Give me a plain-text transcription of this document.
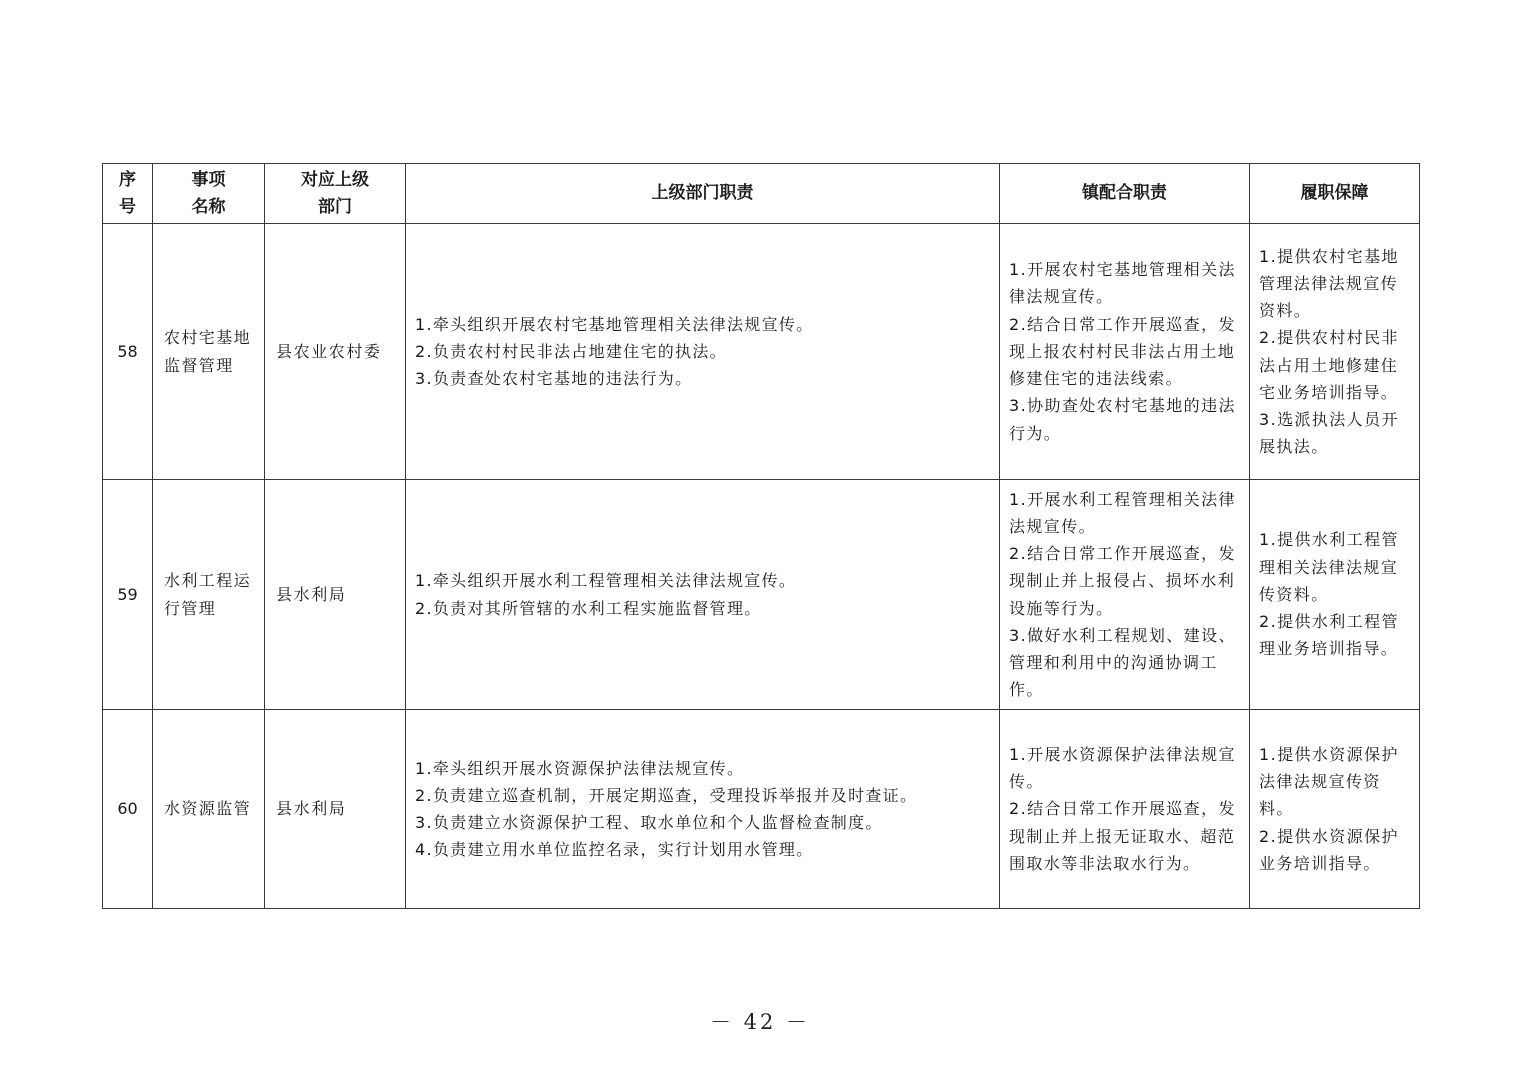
序
号	事项
名称	对应上级
部门	上级部门职责	镇配合职责	履职保障
58	农村宅基地监督管理	县农业农村委	1.牵头组织开展农村宅基地管理相关法律法规宣传。
2.负责农村村民非法占地建住宅的执法。
3.负责查处农村宅基地的违法行为。	1.开展农村宅基地管理相关法律法规宣传。
2.结合日常工作开展巡查，发现上报农村村民非法占用土地修建住宅的违法线索。
3.协助查处农村宅基地的违法行为。	1.提供农村宅基地管理法律法规宣传资料。
2.提供农村村民非法占用土地修建住宅业务培训指导。
3.选派执法人员开展执法。

59	水利工程运行管理	县水利局	1.牵头组织开展水利工程管理相关法律法规宣传。
2.负责对其所管辖的水利工程实施监督管理。	1.开展水利工程管理相关法律法规宣传。
2.结合日常工作开展巡查，发现制止并上报侵占、损坏水利设施等行为。
3.做好水利工程规划、建设、管理和利用中的沟通协调工作。	1.提供水利工程管理相关法律法规宣传资料。
2.提供水利工程管理业务培训指导。

60	水资源监管	县水利局	1.牵头组织开展水资源保护法律法规宣传。
2.负责建立巡查机制，开展定期巡查，受理投诉举报并及时查证。
3.负责建立水资源保护工程、取水单位和个人监督检查制度。
4.负责建立用水单位监控名录，实行计划用水管理。	1.开展水资源保护法律法规宣传。
2.结合日常工作开展巡查，发现制止并上报无证取水、超范围取水等非法取水行为。	1.提供水资源保护法律法规宣传资料。
2.提供水资源保护业务培训指导。
－ 42 －
